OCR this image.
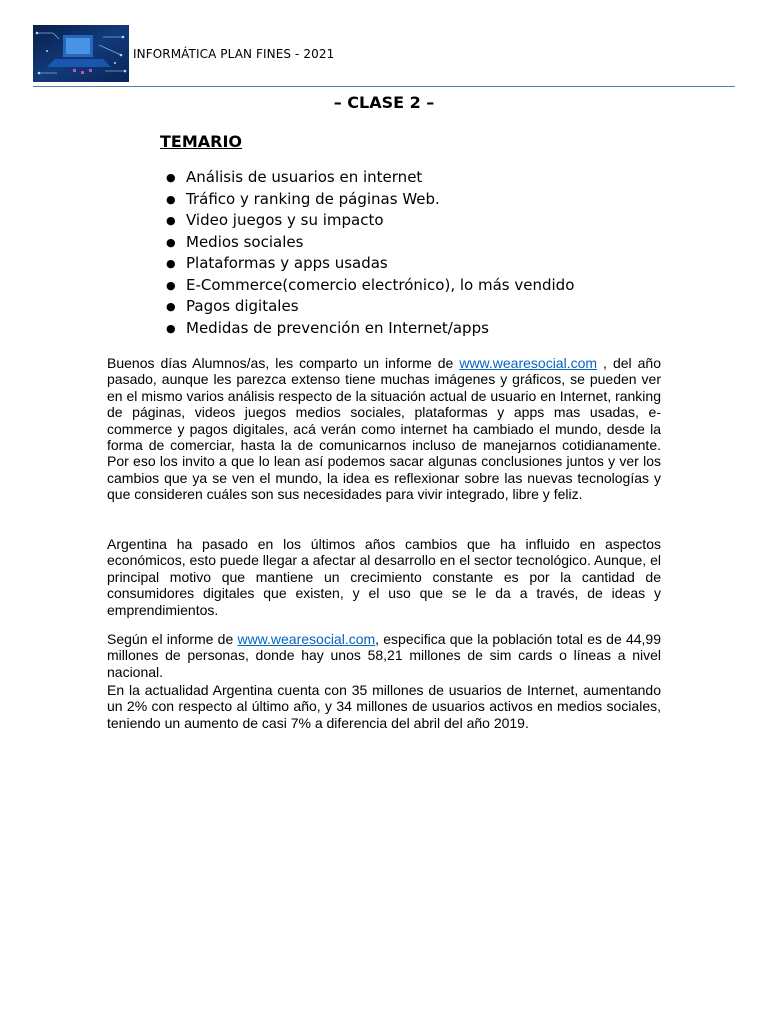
INFORMÁTICA PLAN FINES - 2021
– CLASE 2 –
TEMARIO
● Análisis de usuarios en internet
● Tráfico y ranking de páginas Web.
● Video juegos y su impacto
● Medios sociales
● Plataformas y apps usadas
● E-Commerce(comercio electrónico), lo más vendido
● Pagos digitales
● Medidas de prevención en Internet/apps

Buenos días Alumnos/as, les comparto un informe de www.wearesocial.com , del año pasado, aunque les parezca extenso tiene muchas imágenes y gráficos, se pueden ver en el mismo varios análisis respecto de la situación actual de usuario en Internet, ranking de páginas, videos juegos medios sociales, plataformas y apps mas usadas, e-commerce y pagos digitales, acá verán como internet ha cambiado el mundo, desde la forma de comerciar, hasta la de comunicarnos incluso de manejarnos cotidianamente. Por eso los invito a que lo lean así podemos sacar algunas conclusiones juntos y ver los cambios que ya se ven el mundo, la idea es reflexionar sobre las nuevas tecnologías y que consideren cuáles son sus necesidades para vivir integrado, libre y feliz.

Argentina ha pasado en los últimos años cambios que ha influido en aspectos económicos, esto puede llegar a afectar al desarrollo en el sector tecnológico. Aunque, el principal motivo que mantiene un crecimiento constante es por la cantidad de consumidores digitales que existen, y el uso que se le da a través, de ideas y emprendimientos.

Según el informe de www.wearesocial.com, especifica que la población total es de 44,99 millones de personas, donde hay unos 58,21 millones de sim cards o líneas a nivel nacional.

En la actualidad Argentina cuenta con 35 millones de usuarios de Internet, aumentando un 2% con respecto al último año, y 34 millones de usuarios activos en medios sociales, teniendo un aumento de casi 7% a diferencia del abril del año 2019.
